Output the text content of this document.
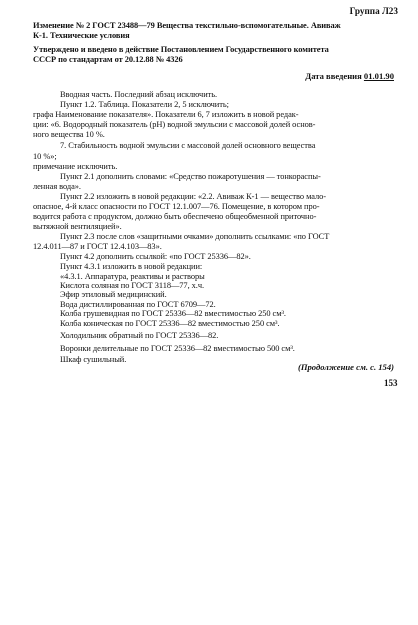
Группа Л23
Изменение № 2 ГОСТ 23488—79 Вещества текстильно-вспомогательные. Авиваж
К-1. Технические условия
Утверждено и введено в действие Постановлением Государственного комитета
СССР по стандартам от 20.12.88 № 4326
Дата введения 01.01.90
Вводная часть. Последний абзац исключить.
Пункт 1.2. Таблица. Показатели 2, 5 исключить;
графа Наименование показателя». Показатели 6, 7 изложить в новой редак-
ции: «6. Водородный показатель (pH) водной эмульсии с массовой долей основ-
ного вещества 10 %.
7. Стабильность водной эмульсии с массовой долей основного вещества
10 %»;
примечание исключить.
Пункт 2.1 дополнить словами: «Средство пожаротушения — тонкораспы-
ленная вода».
Пункт 2.2 изложить в новой редакции: «2.2. Авиваж К-1 — вещество мало-
опасное, 4-й класс опасности по ГОСТ 12.1.007—76. Помещение, в котором про-
водится работа с продуктом, должно быть обеспечено общеобменной приточно-
вытяжной вентиляцией».
Пункт 2.3 после слов «защитными очками» дополнить ссылками: «по ГОСТ
12.4.011—87 и ГОСТ 12.4.103—83».
Пункт 4.2 дополнить ссылкой: «по ГОСТ 25336—82».
Пункт 4.3.1 изложить в новой редакции:
«4.3.1. Аппаратура, реактивы и растворы
Кислота соляная по ГОСТ 3118—77, х.ч.
Эфир этиловый медицинский.
Вода дистиллированная по ГОСТ 6709—72.
Колба грушевидная по ГОСТ 25336—82 вместимостью 250 см³.
Колба коническая по ГОСТ 25336—82 вместимостью 250 см³.
Холодильник обратный по ГОСТ 25336—82.
Воронки делительные по ГОСТ 25336—82 вместимостью 500 см³.
Шкаф сушильный.
(Продолжение см. с. 154)
153
